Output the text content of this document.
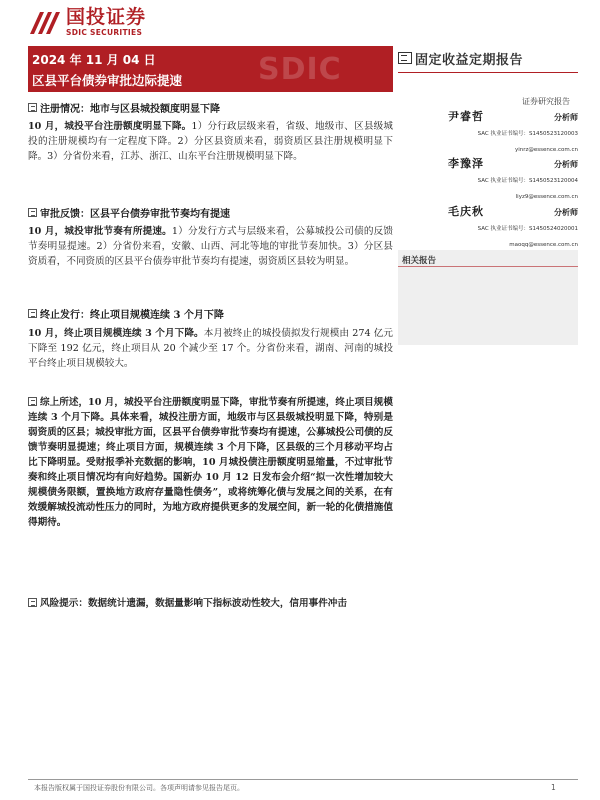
国投证券
SDIC SECURITIES
SDIC
2024 年 11 月 04 日
区县平台债券审批边际提速
固定收益定期报告
证券研究报告
尹睿哲	分析师
SAC 执业证书编号：S1450523120003
yinrz@essence.com.cn
李豫泽	分析师
SAC 执业证书编号：S1450523120004
liyz9@essence.com.cn
毛庆秋	分析师
SAC 执业证书编号：S1450524020001
maoqq@essence.com.cn
相关报告
注册情况：地市与区县城投额度明显下降
10 月，城投平台注册额度明显下降。1）分行政层级来看，省级、地级市、区县级城投的注册规模均有一定程度下降。2）分区县资质来看，弱资质区县注册规模明显下降。3）分省份来看，江苏、浙江、山东平台注册规模明显下降。
审批反馈：区县平台债券审批节奏均有提速
10 月，城投审批节奏有所提速。1）分发行方式与层级来看，公募城投公司债的反馈节奏明显提速。2）分省份来看，安徽、山西、河北等地的审批节奏加快。3）分区县资质看，不同资质的区县平台债券审批节奏均有提速，弱资质区县较为明显。
终止发行：终止项目规模连续 3 个月下降
10 月，终止项目规模连续 3 个月下降。本月被终止的城投债拟发行规模由 274 亿元下降至 192 亿元，终止项目从 20 个减少至 17 个。分省份来看，湖南、河南的城投平台终止项目规模较大。
综上所述，10 月，城投平台注册额度明显下降，审批节奏有所提速，终止项目规模连续 3 个月下降。具体来看，城投注册方面，地级市与区县级城投明显下降，特别是弱资质的区县；城投审批方面，区县平台债券审批节奏均有提速，公募城投公司债的反馈节奏明显提速；终止项目方面，规模连续 3 个月下降，区县级的三个月移动平均占比下降明显。受财报季补充数据的影响，10 月城投债注册额度明显缩量，不过审批节奏和终止项目情况均有向好趋势。国新办 10 月 12 日发布会介绍“拟一次性增加较大规模债务限额，置换地方政府存量隐性债务”，或将统筹化债与发展之间的关系，在有效缓解城投流动性压力的同时，为地方政府提供更多的发展空间，新一轮的化债措施值得期待。
风险提示：数据统计遗漏，数据量影响下指标波动性较大，信用事件冲击
本报告版权属于国投证券股份有限公司。各项声明请参见报告尾页。	1
